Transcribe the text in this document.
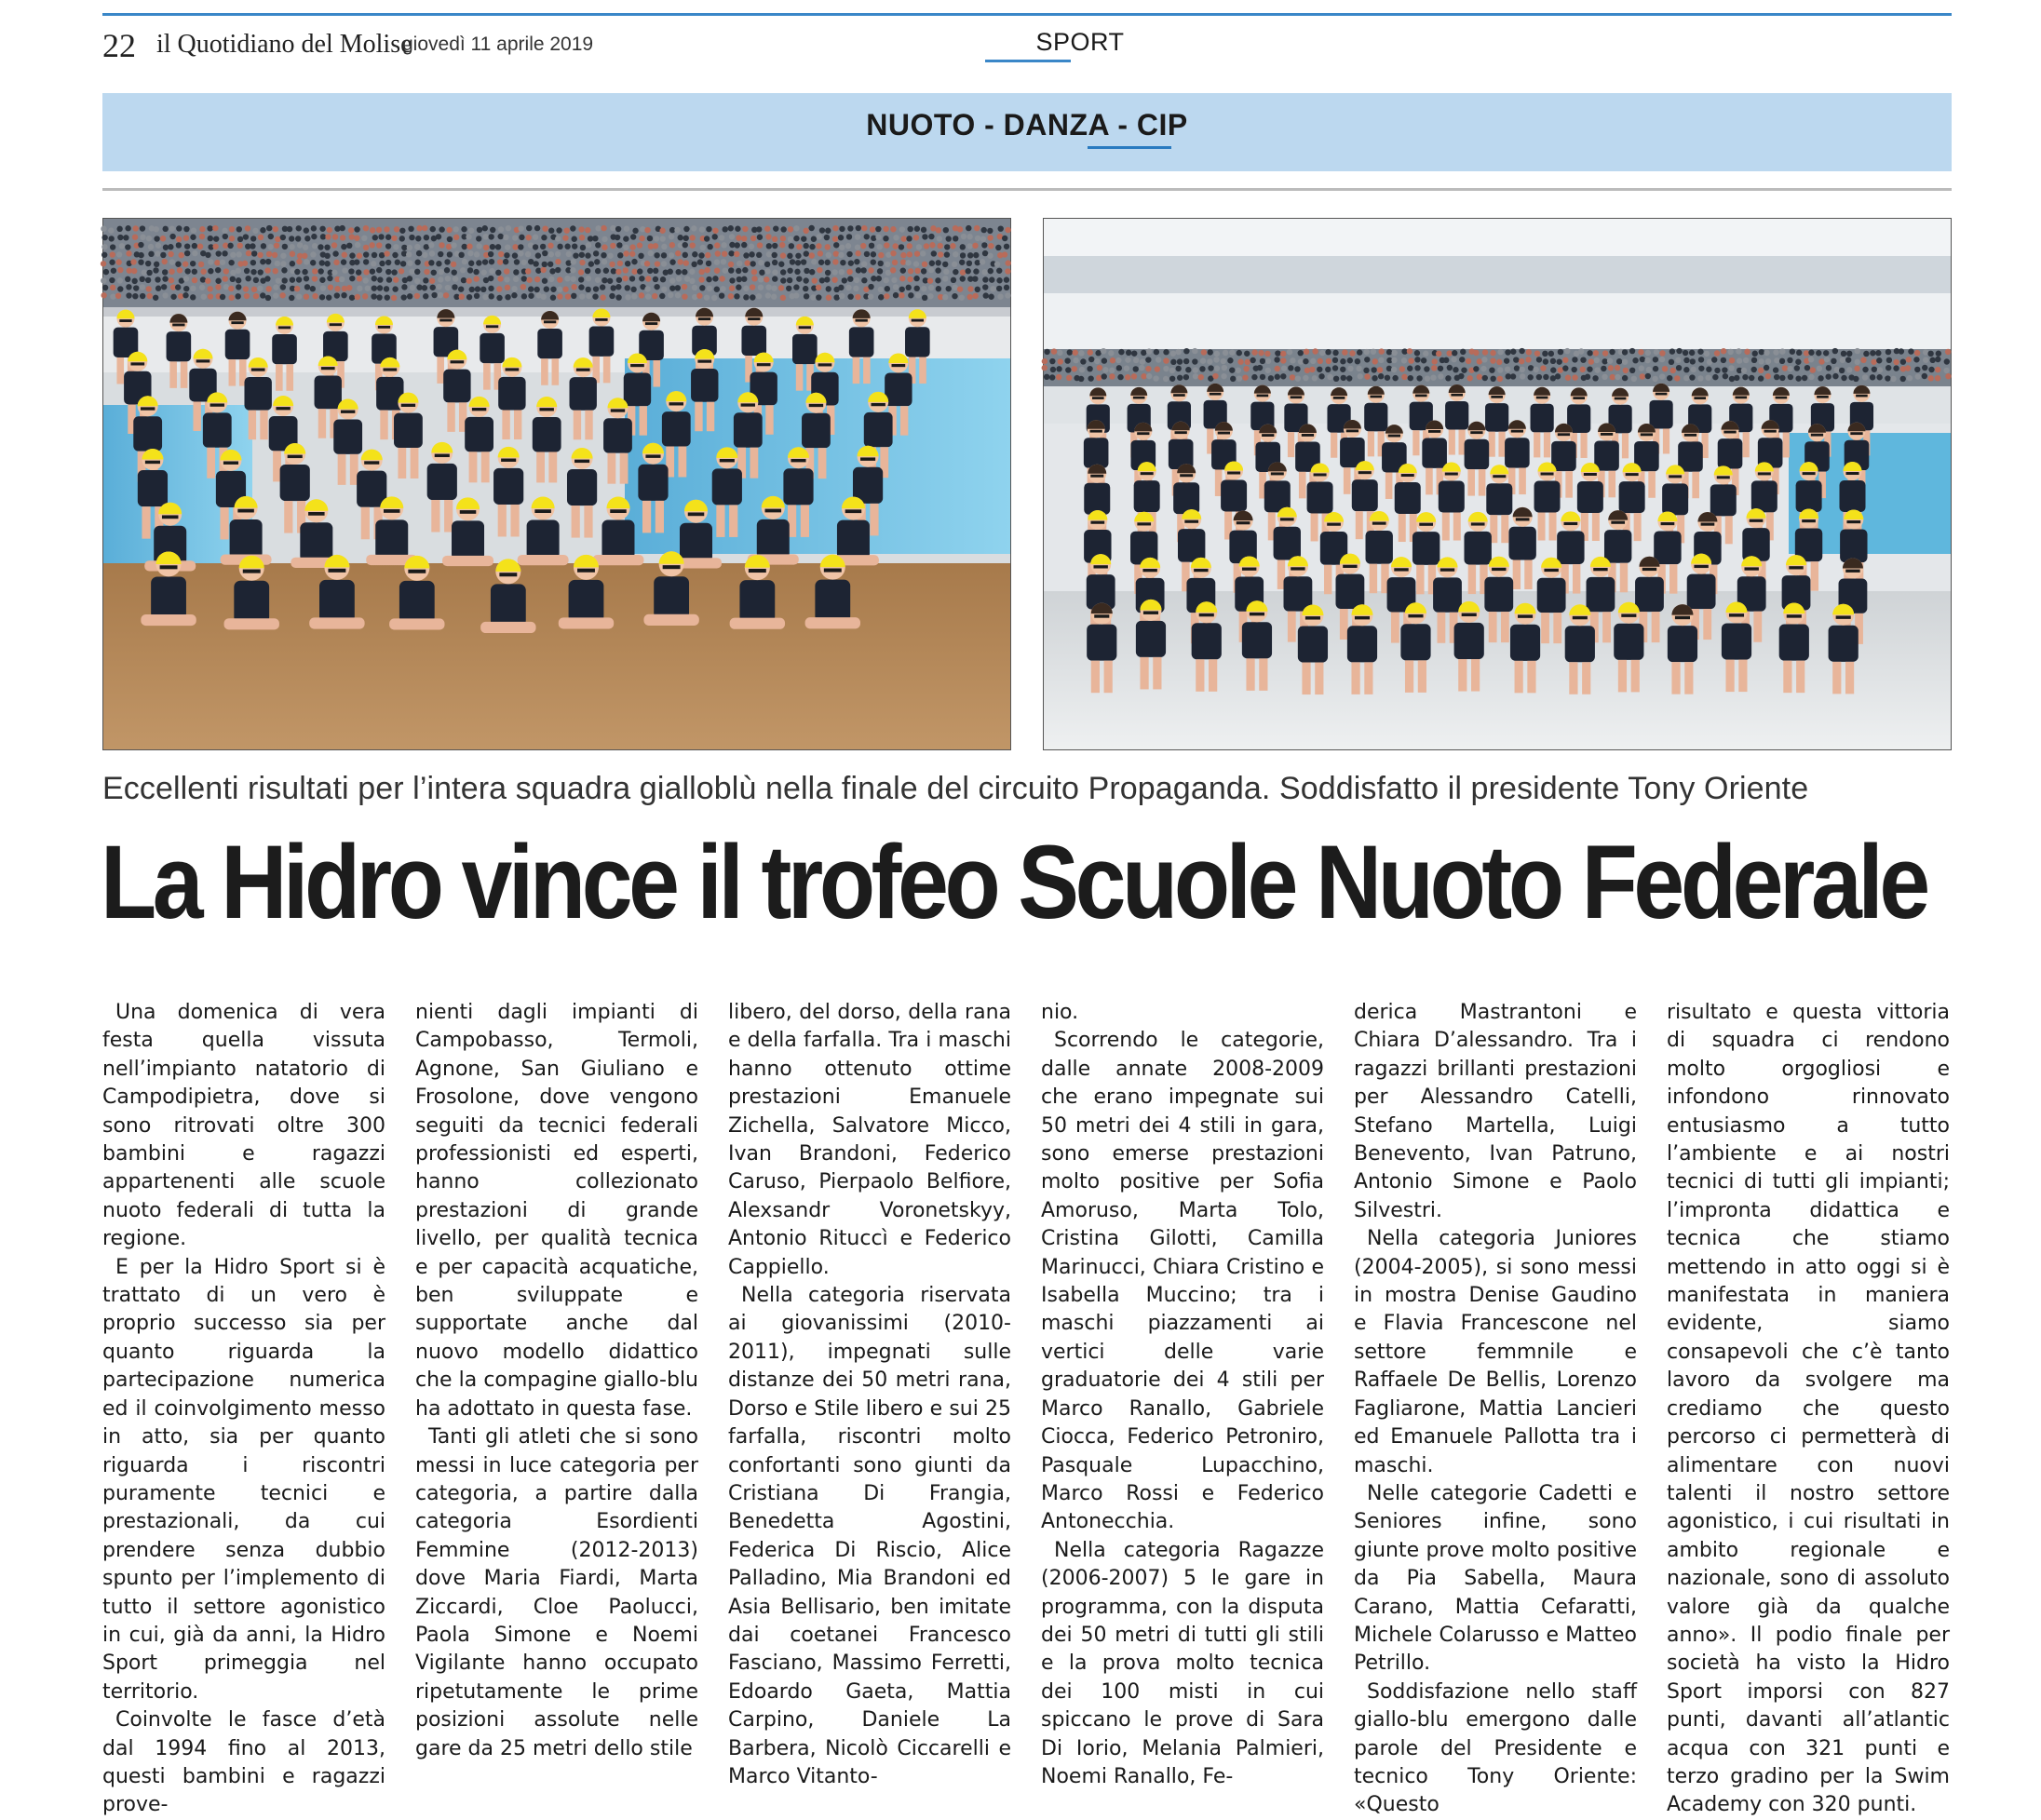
22 il Quotidiano del Molise
giovedì 11 aprile 2019	SPORT
NUOTO - DANZA - CIP
Eccellenti risultati per l’intera squadra gialloblù nella finale del circuito Propaganda. Soddisfatto il presidente Tony Oriente
La Hidro vince il trofeo Scuole Nuoto Federale

Una domenica di vera festa quella vissuta nell’impianto natatorio di Campodipietra, dove si sono ritrovati oltre 300 bambini e ragazzi appartenenti alle scuole nuoto federali di tutta la regione.

E per la Hidro Sport si è trattato di un vero è proprio successo sia per quanto riguarda la partecipazione numerica ed il coinvolgimento messo in atto, sia per quanto riguarda i riscontri puramente tecnici e prestazionali, da cui prendere senza dubbio spunto per l’implemento di tutto il settore agonistico in cui, già da anni, la Hidro Sport primeggia nel territorio.

Coinvolte le fasce d’età dal 1994 fino al 2013, questi bambini e ragazzi prove-

nienti dagli impianti di Campobasso, Termoli, Agnone, San Giuliano e Frosolone, dove vengono seguiti da tecnici federali professionisti ed esperti, hanno collezionato prestazioni di grande livello, per qualità tecnica e per capacità acquatiche, ben sviluppate e supportate anche dal nuovo modello didattico che la compagine giallo-blu ha adottato in questa fase.

Tanti gli atleti che si sono messi in luce categoria per categoria, a partire dalla categoria Esordienti Femmine (2012-2013) dove Maria Fiardi, Marta Ziccardi, Cloe Paolucci, Paola Simone e Noemi Vigilante hanno occupato ripetutamente le prime posizioni assolute nelle gare da 25 metri dello stile

libero, del dorso, della rana e della farfalla. Tra i maschi hanno ottenuto ottime prestazioni Emanuele Zichella, Salvatore Micco, Ivan Brandoni, Federico Caruso, Pierpaolo Belfiore, Alexsandr Voronetskyy, Antonio Rituccì e Federico Cappiello.

Nella categoria riservata ai giovanissimi (2010-2011), impegnati sulle distanze dei 50 metri rana, Dorso e Stile libero e sui 25 farfalla, riscontri molto confortanti sono giunti da Cristiana Di Frangia, Benedetta Agostini, Federica Di Riscio, Alice Palladino, Mia Brandoni ed Asia Bellisario, ben imitate dai coetanei Francesco Fasciano, Massimo Ferretti, Edoardo Gaeta, Mattia Carpino, Daniele La Barbera, Nicolò Ciccarelli e Marco Vitanto-

nio.

Scorrendo le categorie, dalle annate 2008-2009 che erano impegnate sui 50 metri dei 4 stili in gara, sono emerse prestazioni molto positive per Sofia Amoruso, Marta Tolo, Cristina Gilotti, Camilla Marinucci, Chiara Cristino e Isabella Muccino; tra i maschi piazzamenti ai vertici delle varie graduatorie dei 4 stili per Marco Ranallo, Gabriele Ciocca, Federico Petroniro, Pasquale Lupacchino, Marco Rossi e Federico Antonecchia.

Nella categoria Ragazze (2006-2007) 5 le gare in programma, con la disputa dei 50 metri di tutti gli stili e la prova molto tecnica dei 100 misti in cui spiccano le prove di Sara Di Iorio, Melania Palmieri, Noemi Ranallo, Fe-

derica Mastrantoni e Chiara D’alessandro. Tra i ragazzi brillanti prestazioni per Alessandro Catelli, Stefano Martella, Luigi Benevento, Ivan Patruno, Antonio Simone e Paolo Silvestri.

Nella categoria Juniores (2004-2005), si sono messi in mostra Denise Gaudino e Flavia Francescone nel settore femmnile e Raffaele De Bellis, Lorenzo Fagliarone, Mattia Lancieri ed Emanuele Pallotta tra i maschi.

Nelle categorie Cadetti e Seniores infine, sono giunte prove molto positive da Pia Sabella, Maura Carano, Mattia Cefaratti, Michele Colarusso e Matteo Petrillo.

Soddisfazione nello staff giallo-blu emergono dalle parole del Presidente e tecnico Tony Oriente: «Questo

risultato e questa vittoria di squadra ci rendono molto orgogliosi e infondono rinnovato entusiasmo a tutto l’ambiente e ai nostri tecnici di tutti gli impianti; l’impronta didattica e tecnica che stiamo mettendo in atto oggi si è manifestata in maniera evidente, siamo consapevoli che c’è tanto lavoro da svolgere ma crediamo che questo percorso ci permetterà di alimentare con nuovi talenti il nostro settore agonistico, i cui risultati in ambito regionale e nazionale, sono di assoluto valore già da qualche anno». Il podio finale per società ha visto la Hidro Sport imporsi con 827 punti, davanti all’atlantic acqua con 321 punti e terzo gradino per la Swim Academy con 320 punti.
